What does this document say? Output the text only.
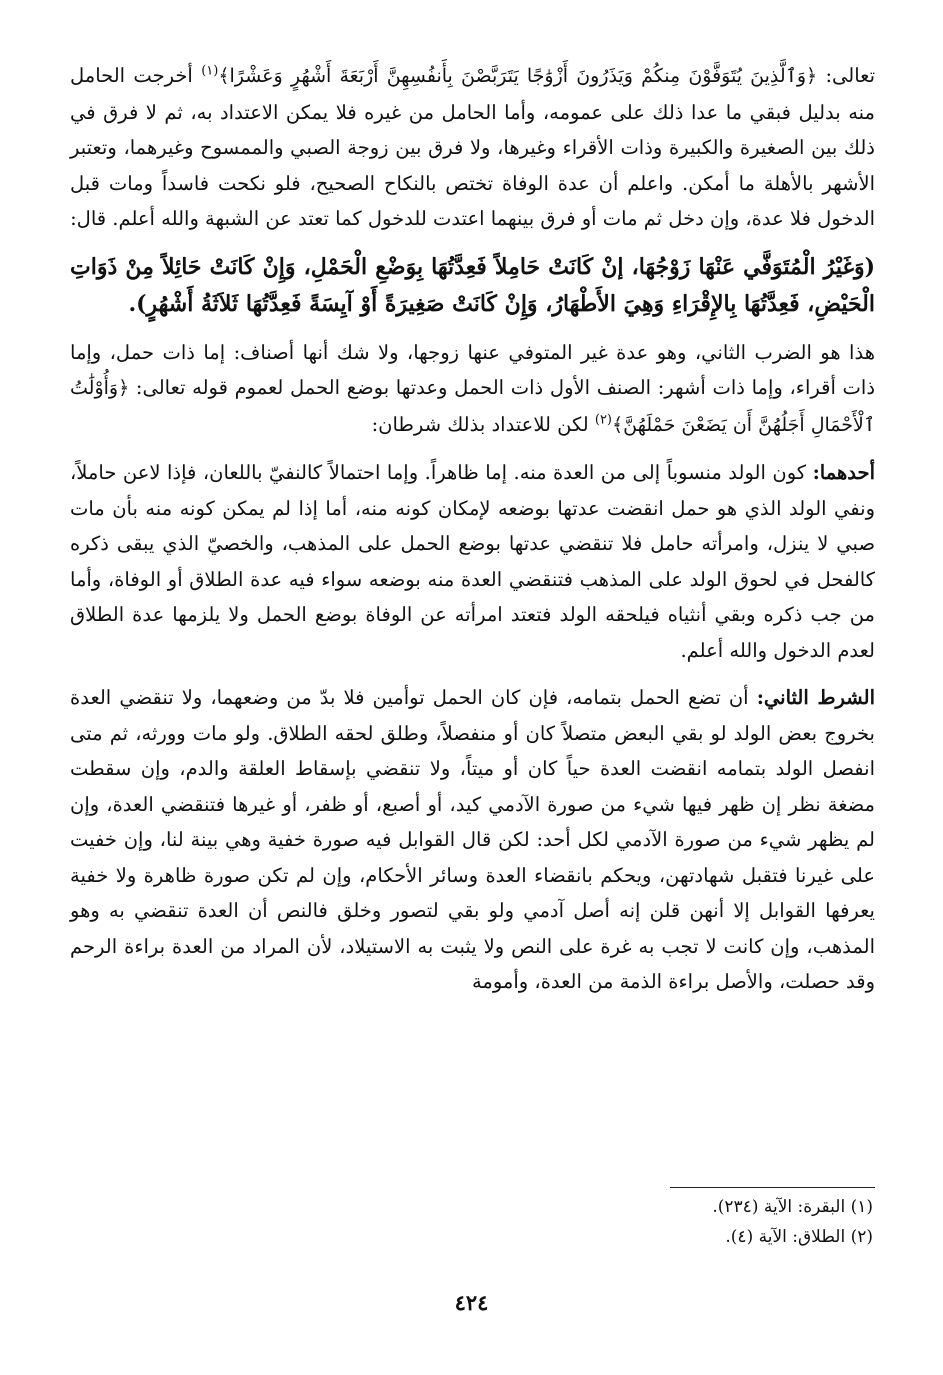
تعالى: ﴿وَٱلَّذِينَ يُتَوَفَّوْنَ مِنكُمْ وَيَذَرُونَ أَزْوَٰجًا يَتَرَبَّصْنَ بِأَنفُسِهِنَّ أَرْبَعَةَ أَشْهُرٍ وَعَشْرًا﴾$^{(١)}$ أخرجت الحامل منه بدليل فبقي ما عدا ذلك على عمومه، وأما الحامل من غيره فلا يمكن الاعتداد به، ثم لا فرق في ذلك بين الصغيرة والكبيرة وذات الأقراء وغيرها، ولا فرق بين زوجة الصبي والممسوح وغيرهما، وتعتبر الأشهر بالأهلة ما أمكن. واعلم أن عدة الوفاة تختص بالنكاح الصحيح، فلو نكحت فاسداً ومات قبل الدخول فلا عدة، وإن دخل ثم مات أو فرق بينهما اعتدت للدخول كما تعتد عن الشبهة والله أعلم. قال:

(وَغَيْرُ الْمُتَوَفَّي عَنْهَا زَوْجُهَا، إنْ كَانَتْ حَامِلاً فَعِدَّتُهَا بِوَضْعِ الْحَمْلِ، وَإِنْ كَانَتْ حَائِلاً مِنْ ذَوَاتِ الْحَيْضِ، فَعِدَّتُهَا بِالإِقْرَاءِ وَهِيَ الأَطْهَارُ، وَإِنْ كَانَتْ صَغِيرَةً أَوْ آيِسَةً فَعِدَّتُهَا ثَلاَثَةُ أَشْهُرٍ).

هذا هو الضرب الثاني، وهو عدة غير المتوفي عنها زوجها، ولا شك أنها أصناف: إما ذات حمل، وإما ذات أقراء، وإما ذات أشهر: الصنف الأول ذات الحمل وعدتها بوضع الحمل لعموم قوله تعالى: ﴿وَأُوْلَٰتُ ٱلْأَحْمَالِ أَجَلُهُنَّ أَن يَضَعْنَ حَمْلَهُنَّ﴾$^{(٢)}$ لكن للاعتداد بذلك شرطان:

أحدهما: كون الولد منسوباً إلى من العدة منه. إما ظاهراً. وإما احتمالاً كالنفيّ باللعان، فإذا لاعن حاملاً، ونفي الولد الذي هو حمل انقضت عدتها بوضعه لإمكان كونه منه، أما إذا لم يمكن كونه منه بأن مات صبي لا ينزل، وامرأته حامل فلا تنقضي عدتها بوضع الحمل على المذهب، والخصيّ الذي يبقى ذكره كالفحل في لحوق الولد على المذهب فتنقضي العدة منه بوضعه سواء فيه عدة الطلاق أو الوفاة، وأما من جب ذكره وبقي أنثياه فيلحقه الولد فتعتد امرأته عن الوفاة بوضع الحمل ولا يلزمها عدة الطلاق لعدم الدخول والله أعلم.

الشرط الثاني: أن تضع الحمل بتمامه، فإن كان الحمل توأمين فلا بدّ من وضعهما، ولا تنقضي العدة بخروج بعض الولد لو بقي البعض متصلاً كان أو منفصلاً، وطلق لحقه الطلاق. ولو مات وورثه، ثم متى انفصل الولد بتمامه انقضت العدة حياً كان أو ميتاً، ولا تنقضي بإسقاط العلقة والدم، وإن سقطت مضغة نظر إن ظهر فيها شيء من صورة الآدمي كيد، أو أصبع، أو ظفر، أو غيرها فتنقضي العدة، وإن لم يظهر شيء من صورة الآدمي لكل أحد: لكن قال القوابل فيه صورة خفية وهي بينة لنا، وإن خفيت على غيرنا فتقبل شهادتهن، ويحكم بانقضاء العدة وسائر الأحكام، وإن لم تكن صورة ظاهرة ولا خفية يعرفها القوابل إلا أنهن قلن إنه أصل آدمي ولو بقي لتصور وخلق فالنص أن العدة تنقضي به وهو المذهب، وإن كانت لا تجب به غرة على النص ولا يثبت به الاستيلاد، لأن المراد من العدة براءة الرحم وقد حصلت، والأصل براءة الذمة من العدة، وأمومة

(١) البقرة: الآية (٢٣٤).
(٢) الطلاق: الآية (٤).
٤٢٤
